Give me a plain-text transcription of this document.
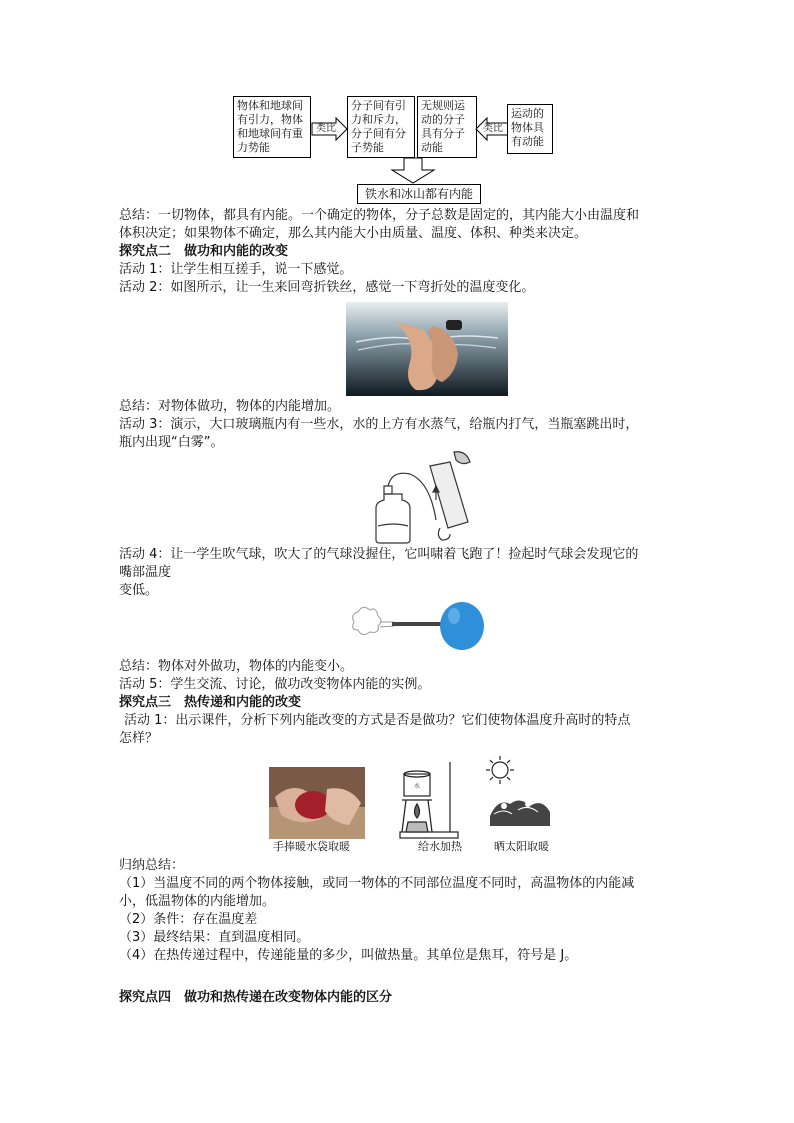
物体和地球间
有引力，物体
和地球间有重
力势能
类比
分子间有引
力和斥力，
分子间有分
子势能
无规则运
动的分子
具有分子
动能
类比
运动的
物体具
有动能
铁水和冰山都有内能
总结：一切物体，都具有内能。一个确定的物体，分子总数是固定的，其内能大小由温度和
体积决定；如果物体不确定，那么其内能大小由质量、温度、体积、种类来决定。
探究点二　做功和内能的改变
活动 1：让学生相互搓手，说一下感觉。
活动 2：如图所示，让一生来回弯折铁丝，感觉一下弯折处的温度变化。
总结：对物体做功，物体的内能增加。
活动 3：演示，大口玻璃瓶内有一些水，水的上方有水蒸气，给瓶内打气，当瓶塞跳出时，
瓶内出现“白雾”。
活动 4：让一学生吹气球，吹大了的气球没握住，它叫啸着飞跑了！捡起时气球会发现它的
嘴部温度
变低。
总结：物体对外做功，物体的内能变小。
活动 5：学生交流、讨论，做功改变物体内能的实例。
探究点三　热传递和内能的改变
活动 1：出示课件，分析下列内能改变的方式是否是做功？它们使物体温度升高时的特点
怎样？
手捧暖水袋取暖
水
给水加热	晒太阳取暖
归纳总结：
（1）当温度不同的两个物体接触，或同一物体的不同部位温度不同时，高温物体的内能减
小，低温物体的内能增加。
（2）条件：存在温度差
（3）最终结果：直到温度相同。
（4）在热传递过程中，传递能量的多少，叫做热量。其单位是焦耳，符号是 J。
探究点四　做功和热传递在改变物体内能的区分
